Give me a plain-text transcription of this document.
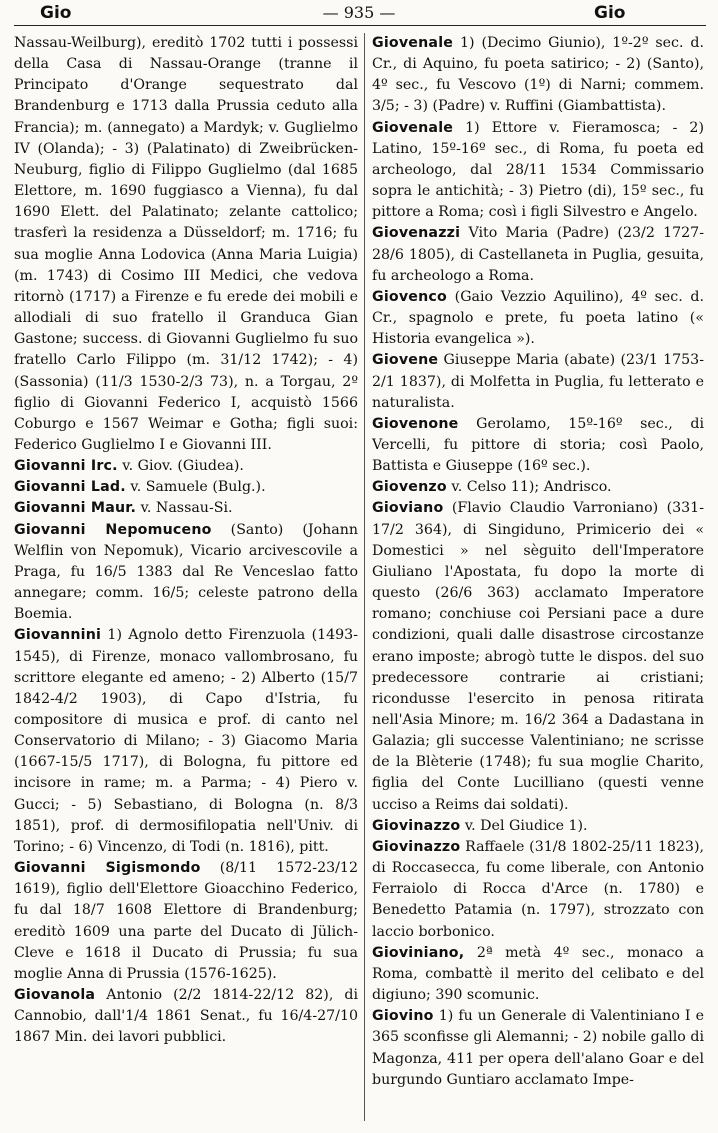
Gio	— 935 —	Gio

Nassau-Weilburg), ereditò 1702 tutti i possessi della Casa di Nassau-Orange (tranne il Principato d'Orange sequestrato dal Brandenburg e 1713 dalla Prussia ceduto alla Francia); m. (annegato) a Mardyk; v. Guglielmo IV (Olanda); - 3) (Palatinato) di Zweibrücken-Neuburg, figlio di Filippo Guglielmo (dal 1685 Elettore, m. 1690 fuggiasco a Vienna), fu dal 1690 Elett. del Palatinato; zelante cattolico; trasferì la residenza a Düsseldorf; m. 1716; fu sua moglie Anna Lodovica (Anna Maria Luigia) (m. 1743) di Cosimo III Medici, che vedova ritornò (1717) a Firenze e fu erede dei mobili e allodiali di suo fratello il Granduca Gian Gastone; success. di Giovanni Guglielmo fu suo fratello Carlo Filippo (m. 31/12 1742); - 4) (Sassonia) (11/3 1530-2/3 73), n. a Torgau, 2º figlio di Giovanni Federico I, acquistò 1566 Coburgo e 1567 Weimar e Gotha; figli suoi: Federico Guglielmo I e Giovanni III.

Giovanni Irc. v. Giov. (Giudea).

Giovanni Lad. v. Samuele (Bulg.).

Giovanni Maur. v. Nassau-Si.

Giovanni Nepomuceno (Santo) (Johann Welflin von Nepomuk), Vicario arcivescovile a Praga, fu 16/5 1383 dal Re Venceslao fatto annegare; comm. 16/5; celeste patrono della Boemia.

Giovannini 1) Agnolo detto Firenzuola (1493-1545), di Firenze, monaco vallombrosano, fu scrittore elegante ed ameno; - 2) Alberto (15/7 1842-4/2 1903), di Capo d'Istria, fu compositore di musica e prof. di canto nel Conservatorio di Milano; - 3) Giacomo Maria (1667-15/5 1717), di Bologna, fu pittore ed incisore in rame; m. a Parma; - 4) Piero v. Gucci; - 5) Sebastiano, di Bologna (n. 8/3 1851), prof. di dermosifilopatia nell'Univ. di Torino; - 6) Vincenzo, di Todi (n. 1816), pitt.

Giovanni Sigismondo (8/11 1572-23/12 1619), figlio dell'Elettore Gioacchino Federico, fu dal 18/7 1608 Elettore di Brandenburg; ereditò 1609 una parte del Ducato di Jülich-Cleve e 1618 il Ducato di Prussia; fu sua moglie Anna di Prussia (1576-1625).

Giovanola Antonio (2/2 1814-22/12 82), di Cannobio, dall'1/4 1861 Senat., fu 16/4-27/10 1867 Min. dei lavori pubblici.

Giovenale 1) (Decimo Giunio), 1º-2º sec. d. Cr., di Aquino, fu poeta satirico; - 2) (Santo), 4º sec., fu Vescovo (1º) di Narni; commem. 3/5; - 3) (Padre) v. Ruffini (Giambattista).

Giovenale 1) Ettore v. Fieramosca; - 2) Latino, 15º-16º sec., di Roma, fu poeta ed archeologo, dal 28/11 1534 Commissario sopra le antichità; - 3) Pietro (di), 15º sec., fu pittore a Roma; così i figli Silvestro e Angelo.

Giovenazzi Vito Maria (Padre) (23/2 1727-28/6 1805), di Castellaneta in Puglia, gesuita, fu archeologo a Roma.

Giovenco (Gaio Vezzio Aquilino), 4º sec. d. Cr., spagnolo e prete, fu poeta latino (« Historia evangelica »).

Giovene Giuseppe Maria (abate) (23/1 1753-2/1 1837), di Molfetta in Puglia, fu letterato e naturalista.

Giovenone Gerolamo, 15º-16º sec., di Vercelli, fu pittore di storia; così Paolo, Battista e Giuseppe (16º sec.).

Giovenzo v. Celso 11); Andrisco.

Gioviano (Flavio Claudio Varroniano) (331-17/2 364), di Singiduno, Primicerio dei « Domestici » nel sèguito dell'Imperatore Giuliano l'Apostata, fu dopo la morte di questo (26/6 363) acclamato Imperatore romano; conchiuse coi Persiani pace a dure condizioni, quali dalle disastrose circostanze erano imposte; abrogò tutte le dispos. del suo predecessore contrarie ai cristiani; ricondusse l'esercito in penosa ritirata nell'Asia Minore; m. 16/2 364 a Dadastana in Galazia; gli successe Valentiniano; ne scrisse de la Blèterie (1748); fu sua moglie Charito, figlia del Conte Lucilliano (questi venne ucciso a Reims dai soldati).

Giovinazzo v. Del Giudice 1).

Giovinazzo Raffaele (31/8 1802-25/11 1823), di Roccasecca, fu come liberale, con Antonio Ferraiolo di Rocca d'Arce (n. 1780) e Benedetto Patamia (n. 1797), strozzato con laccio borbonico.

Gioviniano, 2ª metà 4º sec., monaco a Roma, combattè il merito del celibato e del digiuno; 390 scomunic.

Giovino 1) fu un Generale di Valentiniano I e 365 sconfisse gli Alemanni; - 2) nobile gallo di Magonza, 411 per opera dell'alano Goar e del burgundo Guntiaro acclamato Impe-
